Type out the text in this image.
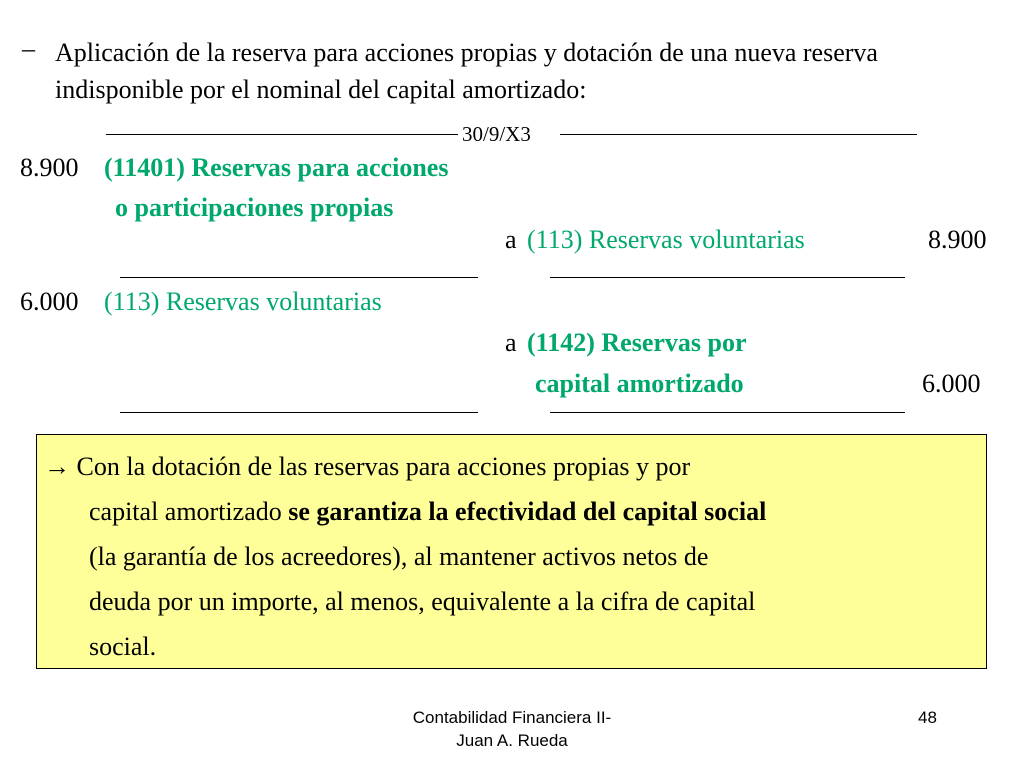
– Aplicación de la reserva para acciones propias y dotación de una nueva reserva indisponible por el nominal del capital amortizado:
30/9/X3
8.900 (11401) Reservas para acciones
o participaciones propias
a (113) Reservas voluntarias	8.900
6.000 (113) Reservas voluntarias
a (1142) Reservas por
capital amortizado	6.000
→ Con la dotación de las reservas para acciones propias y por
capital amortizado se garantiza la efectividad del capital social
(la garantía de los acreedores), al mantener activos netos de
deuda por un importe, al menos, equivalente a la cifra de capital
social.
Contabilidad Financiera II-
Juan A. Rueda
48
